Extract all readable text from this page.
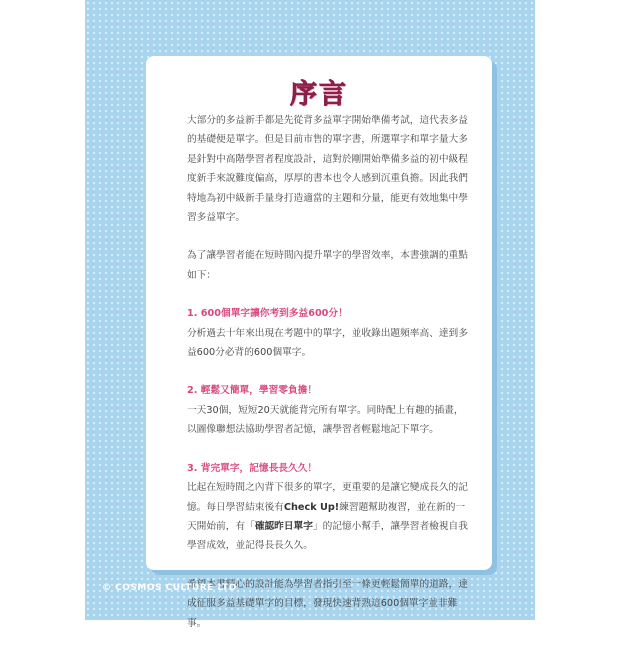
序言

大部分的多益新手都是先從背多益單字開始準備考試，這代表多益的基礎便是單字。但是目前市售的單字書，所選單字和單字量大多是針對中高階學習者程度設計，這對於剛開始準備多益的初中級程度新手來說難度偏高，厚厚的書本也令人感到沉重負擔。因此我們特地為初中級新手量身打造適當的主題和分量，能更有效地集中學習多益單字。

為了讓學習者能在短時間內提升單字的學習效率，本書強調的重點如下：

1. 600個單字讓你考到多益600分！
分析過去十年來出現在考題中的單字，並收錄出題頻率高、達到多益600分必背的600個單字。
2. 輕鬆又簡單，學習零負擔！
一天30個，短短20天就能背完所有單字。同時配上有趣的插畫，以圖像聯想法協助學習者記憶，讓學習者輕鬆地記下單字。
3. 背完單字，記憶長長久久！
比起在短時間之內背下很多的單字，更重要的是讓它變成長久的記憶。每日學習結束後有Check Up!練習題幫助複習，並在新的一天開始前，有「確認昨日單字」的記憶小幫手，讓學習者檢視自我學習成效，並記得長長久久。

希望本書精心的設計能為學習者指引至一條更輕鬆簡單的道路，達成征服多益基礎單字的目標，發現快速背熟這600個單字並非難事。

© COSMOS CULTURE LTD
